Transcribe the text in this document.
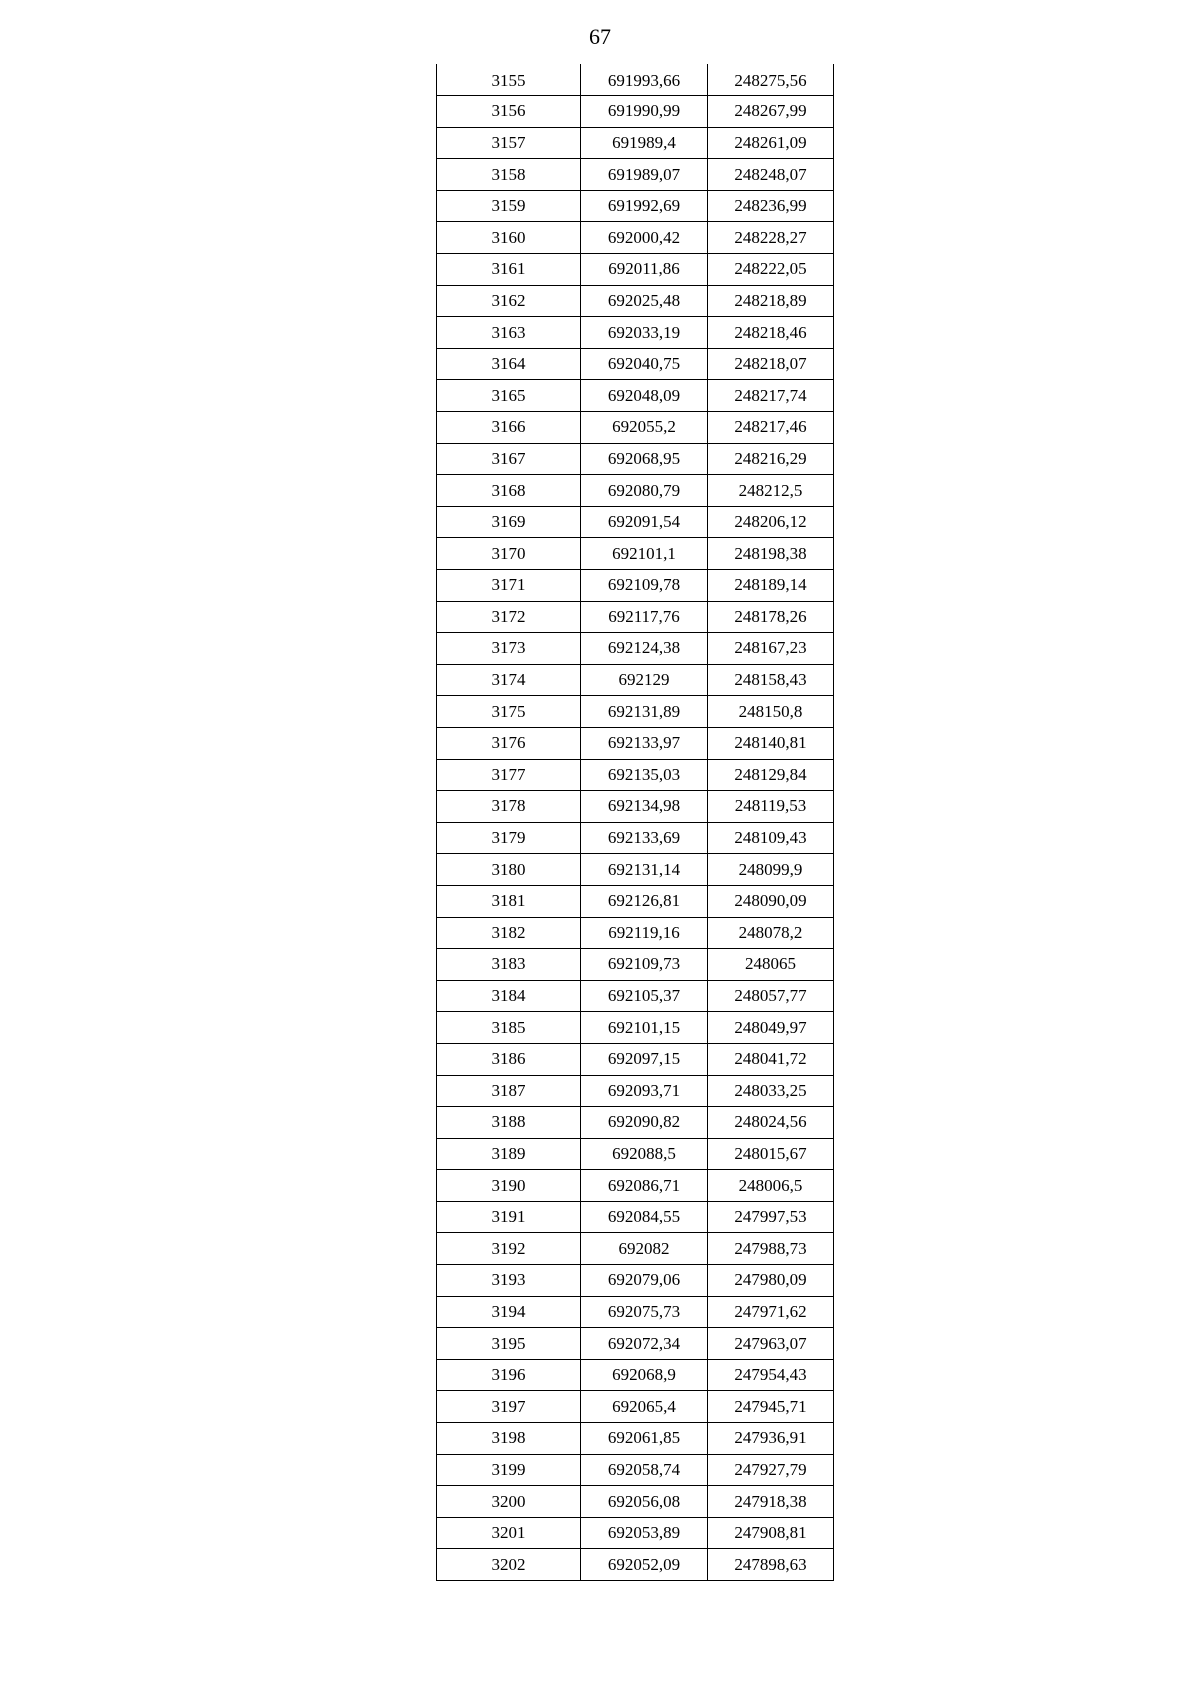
67
3155	691993,66	248275,56
3156	691990,99	248267,99
3157	691989,4	248261,09
3158	691989,07	248248,07
3159	691992,69	248236,99
3160	692000,42	248228,27
3161	692011,86	248222,05
3162	692025,48	248218,89
3163	692033,19	248218,46
3164	692040,75	248218,07
3165	692048,09	248217,74
3166	692055,2	248217,46
3167	692068,95	248216,29
3168	692080,79	248212,5
3169	692091,54	248206,12
3170	692101,1	248198,38
3171	692109,78	248189,14
3172	692117,76	248178,26
3173	692124,38	248167,23
3174	692129	248158,43
3175	692131,89	248150,8
3176	692133,97	248140,81
3177	692135,03	248129,84
3178	692134,98	248119,53
3179	692133,69	248109,43
3180	692131,14	248099,9
3181	692126,81	248090,09
3182	692119,16	248078,2
3183	692109,73	248065
3184	692105,37	248057,77
3185	692101,15	248049,97
3186	692097,15	248041,72
3187	692093,71	248033,25
3188	692090,82	248024,56
3189	692088,5	248015,67
3190	692086,71	248006,5
3191	692084,55	247997,53
3192	692082	247988,73
3193	692079,06	247980,09
3194	692075,73	247971,62
3195	692072,34	247963,07
3196	692068,9	247954,43
3197	692065,4	247945,71
3198	692061,85	247936,91
3199	692058,74	247927,79
3200	692056,08	247918,38
3201	692053,89	247908,81
3202	692052,09	247898,63
